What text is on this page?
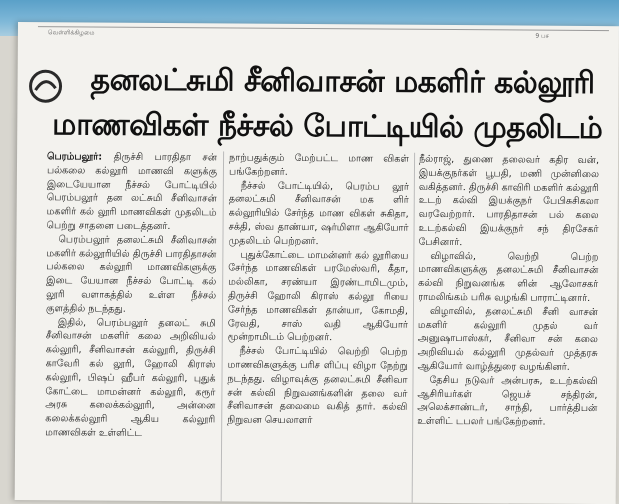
வெள்ளிக்கிழமை	9 பச
தனலட்சுமி சீனிவாசன் மகளிர் கல்லூரி
மாணவிகள் நீச்சல் போட்டியில் முதலிடம்

பெரம்பலூர்: திருச்சி பாரதிதா சன் பல்கலை கல்லூரி மாணவி களுக்கு இடையேயான நீச்சல் போட்டியில் பெரம்பலூர் தன லட்சுமி சீனிவாசன் மகளிர் கல் லூரி மாணவிகள் முதலிடம் பெற்று சாதனை படைத்தனர்.

பெரம்பலூர் தனலட்சுமி சீனிவாசன் மகளிர் கல்லூரியில் திருச்சி பாரதிதாசன் பல்கலை கல்லூரி மாணவிகளுக்கு இடை யேயான நீச்சல் போட்டி கல் லூரி வளாகத்தில் உள்ள நீச்சல் குளத்தில் நடந்தது.

இதில், பெரம்பலூர் தனலட் சுமி சீனிவாசன் மகளிர் கலை அறிவியல் கல்லூரி, சீனிவாசன் கல்லூரி, திருச்சி காவேரி கல் லூரி, ஹோலி கிராஸ் கல்லூரி, பிஷப் ஹீபர் கல்லூரி, புதுக் கோட்டை மாமன்னர் கல்லூரி, கரூர் அரசு கலைக்கல்லூரி, அன்னை கலைக்கல்லூரி ஆகிய கல்லூரி மாணவிகள் உள்ளிட்ட

நாற்பதுக்கும் மேற்பட்ட மாண விகள் பங்கேற்றனர்.

நீச்சல் போட்டியில், பெரம்ப லூர் தனலட்சுமி சீனிவாசன் மக ளிர் கல்லூரியில் சேர்ந்த மாண விகள் சுகிதா, சக்தி, ஸ்வ தாண்யா, ஷர்மிளா ஆகியோர் முதலிடம் பெற்றனர்.

புதுக்கோட்டை மாமன்னர் கல் லூரியை சேர்ந்த மாணவிகள் பரமேஸ்வரி, கீதா, மல்லிகா, சரண்யா இரண்டாமிடமும், திருச்சி ஹோலி கிராஸ் கல்லூ ரியை சேர்ந்த மாணவிகள் தான்யா, கோமதி, ரேவதி, சாஸ் வதி ஆகியோர் மூன்றாமிடம் பெற்றனர்.

நீச்சல் போட்டியில் வெற்றி பெற்ற மாணவிகளுக்கு பரிச ளிப்பு விழா நேற்று நடந்தது. விழாவுக்கு தனலட்சுமி சீனிவா சன் கல்வி நிறுவனங்களின் தலை வர் சீனிவாசன் தலைமை வகித் தார். கல்வி நிறுவன செயலாளர்

நீல்ராஜ், துணை தலைவர் கதிர வன், இயக்குநர்கள் பூபதி, மணி முன்னிலை வகித்தனர். திருச்சி காவிரி மகளிர் கல்லூரி உடற் கல்வி இயக்குநர் பேபிசுசிகலா வரவேற்றார். பாரதிதாசன் பல் கலை உடற்கல்வி இயக்குநர் சந் திரசேகர் பேசினார்.

விழாவில், வெற்றி பெற்ற மாணவிகளுக்கு தனலட்சுமி சீனிவாசன் கல்வி நிறுவனங்க ளின் ஆலோசகர் ராமலிங்கம் பரிசு வழங்கி பாராட்டினார்.

விழாவில், தனலட்சுமி சீனி வாசன் மகளிர் கல்லூரி முதல் வர் அனுஷாபாஸ்கர், சீனிவா சன் கலை அறிவியல் கல்லூரி முதல்வர் முத்தரசு ஆகியோர் வாழ்த்துரை வழங்கினர்.

தேசிய நடுவர் அன்பரசு, உடற்கல்வி ஆசிரியர்கள் ஜெயச் சந்திரன், அலெக்சாண்டர், சாந்தி, பார்த்திபன் உள்ளிட் டபலர் பங்கேற்றனர்.
